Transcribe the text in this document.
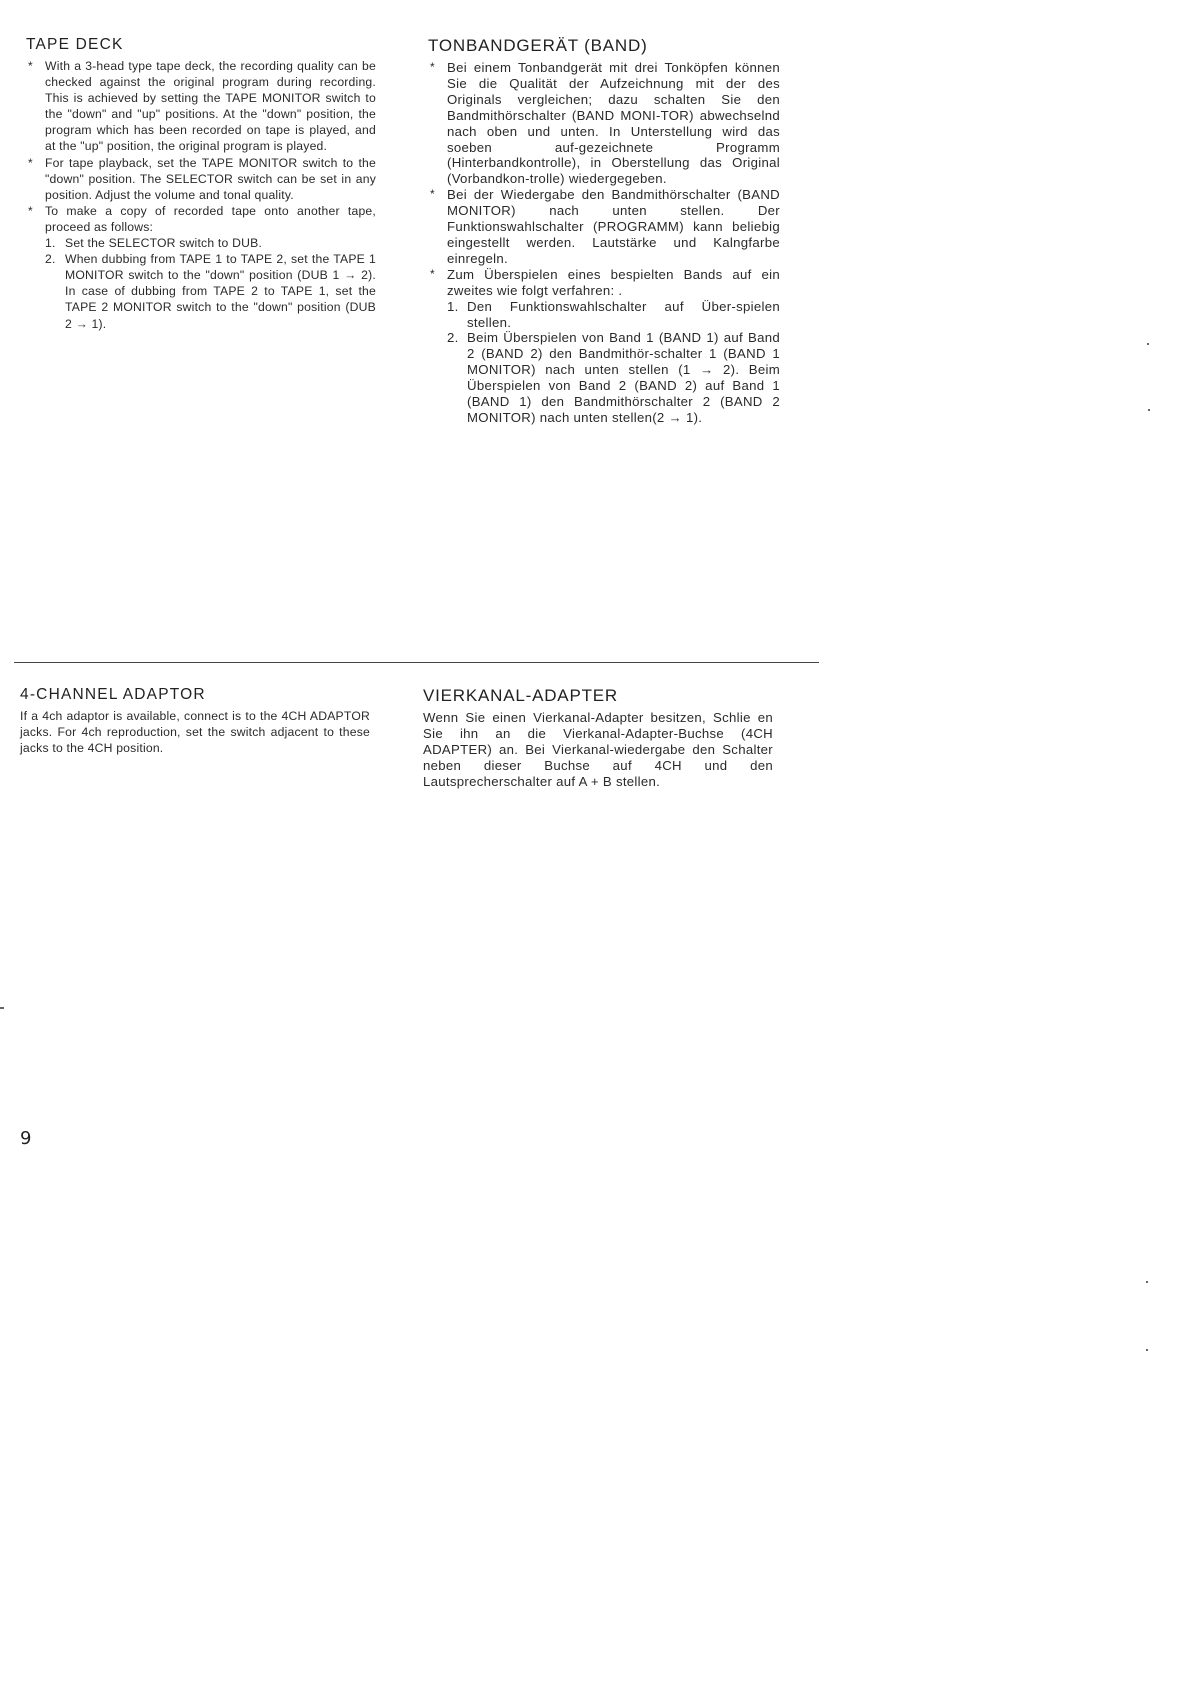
TAPE DECK
* With a 3-head type tape deck, the recording quality can be checked against the original program during recording. This is achieved by setting the TAPE MONITOR switch to the "down" and "up" positions. At the "down" position, the program which has been recorded on tape is played, and at the "up" position, the original program is played.
* For tape playback, set the TAPE MONITOR switch to the "down" position. The SELECTOR switch can be set in any position. Adjust the volume and tonal quality.
* To make a copy of recorded tape onto another tape, proceed as follows:
1. Set the SELECTOR switch to DUB.
2. When dubbing from TAPE 1 to TAPE 2, set the TAPE 1 MONITOR switch to the "down" position (DUB 1 → 2). In case of dubbing from TAPE 2 to TAPE 1, set the TAPE 2 MONITOR switch to the "down" position (DUB 2 → 1).
TONBANDGERÄT (BAND)
* Bei einem Tonbandgerät mit drei Tonköpfen können Sie die Qualität der Aufzeichnung mit der des Originals vergleichen; dazu schalten Sie den Bandmithörschalter (BAND MONI-TOR) abwechselnd nach oben und unten. In Unterstellung wird das soeben auf-gezeichnete Programm (Hinterbandkontrolle), in Oberstellung das Original (Vorbandkon-trolle) wiedergegeben.
* Bei der Wiedergabe den Bandmithörschalter (BAND MONITOR) nach unten stellen. Der Funktionswahlschalter (PROGRAMM) kann beliebig eingestellt werden. Lautstärke und Kalngfarbe einregeln.
* Zum Überspielen eines bespielten Bands auf ein zweites wie folgt verfahren: .
1. Den Funktionswahlschalter auf Über-spielen stellen.
2. Beim Überspielen von Band 1 (BAND 1) auf Band 2 (BAND 2) den Bandmithör-schalter 1 (BAND 1 MONITOR) nach unten stellen (1 → 2). Beim Überspielen von Band 2 (BAND 2) auf Band 1 (BAND 1) den Bandmithörschalter 2 (BAND 2 MONITOR) nach unten stellen(2 → 1).
4-CHANNEL ADAPTOR

If a 4ch adaptor is available, connect is to the 4CH ADAPTOR jacks. For 4ch reproduction, set the switch adjacent to these jacks to the 4CH position.

VIERKANAL-ADAPTER

Wenn Sie einen Vierkanal-Adapter besitzen, Schlie en Sie ihn an die Vierkanal-Adapter-Buchse (4CH ADAPTER) an. Bei Vierkanal-wiedergabe den Schalter neben dieser Buchse auf 4CH und den Lautsprecherschalter auf A + B stellen.

9
